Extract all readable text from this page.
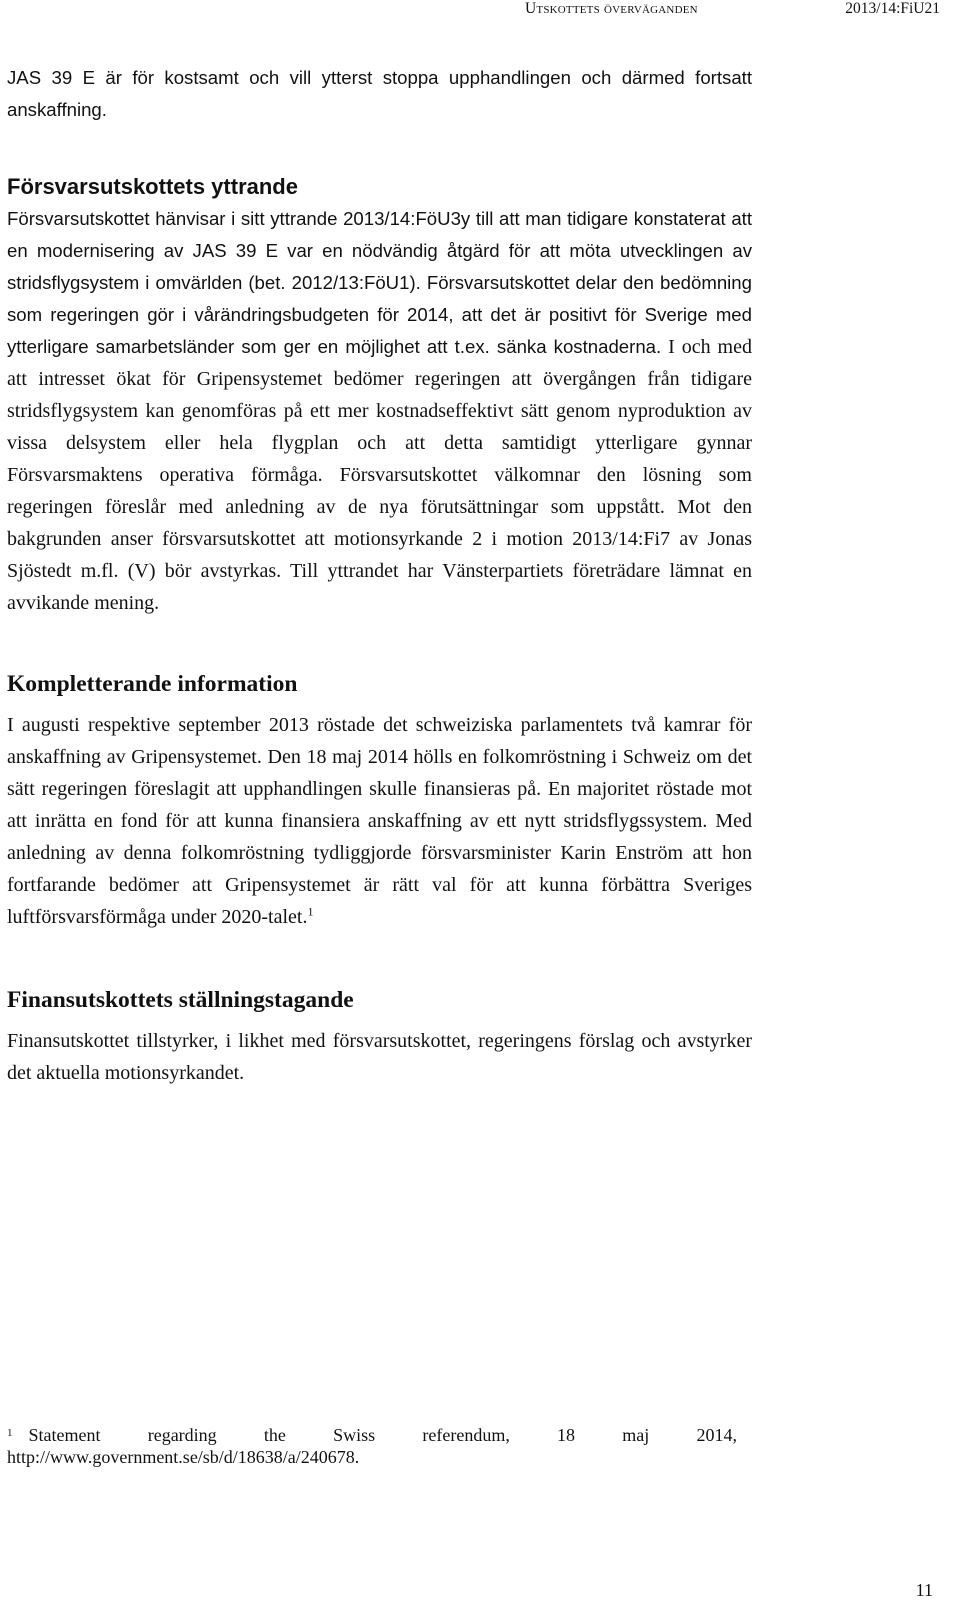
Utskottets överväganden	2013/14:FiU21

JAS 39 E är för kostsamt och vill ytterst stoppa upphandlingen och därmed fortsatt anskaffning.

Försvarsutskottets yttrande

Försvarsutskottet hänvisar i sitt yttrande 2013/14:FöU3y till att man tidigare konstaterat att en modernisering av JAS 39 E var en nödvändig åtgärd för att möta utvecklingen av stridsflygsystem i omvärlden (bet. 2012/13:FöU1). Försvarsutskottet delar den bedömning som regeringen gör i vårändringsbudgeten för 2014, att det är positivt för Sverige med ytterligare samarbetsländer som ger en möjlighet att t.ex. sänka kostnaderna. I och med att intresset ökat för Gripensystemet bedömer regeringen att övergången från tidigare stridsflygsystem kan genomföras på ett mer kostnadseffektivt sätt genom nyproduktion av vissa delsystem eller hela flygplan och att detta samtidigt ytterligare gynnar Försvarsmaktens operativa förmåga. Försvarsutskottet välkomnar den lösning som regeringen föreslår med anledning av de nya förutsättningar som uppstått. Mot den bakgrunden anser försvarsutskottet att motionsyrkande 2 i motion 2013/14:Fi7 av Jonas Sjöstedt m.fl. (V) bör avstyrkas. Till yttrandet har Vänsterpartiets företrädare lämnat en avvikande mening.

Kompletterande information

I augusti respektive september 2013 röstade det schweiziska parlamentets två kamrar för anskaffning av Gripensystemet. Den 18 maj 2014 hölls en folkomröstning i Schweiz om det sätt regeringen föreslagit att upphandlingen skulle finansieras på. En majoritet röstade mot att inrätta en fond för att kunna finansiera anskaffning av ett nytt stridsflygssystem. Med anledning av denna folkomröstning tydliggjorde försvarsminister Karin Enström att hon fortfarande bedömer att Gripensystemet är rätt val för att kunna förbättra Sveriges luftförsvarsförmåga under 2020-talet.$^1$

Finansutskottets ställningstagande

Finansutskottet tillstyrker, i likhet med försvarsutskottet, regeringens förslag och avstyrker det aktuella motionsyrkandet.

$^1$ Statement regarding the Swiss referendum, 18 maj 2014, http://www.government.se/sb/d/18638/a/240678.
11
